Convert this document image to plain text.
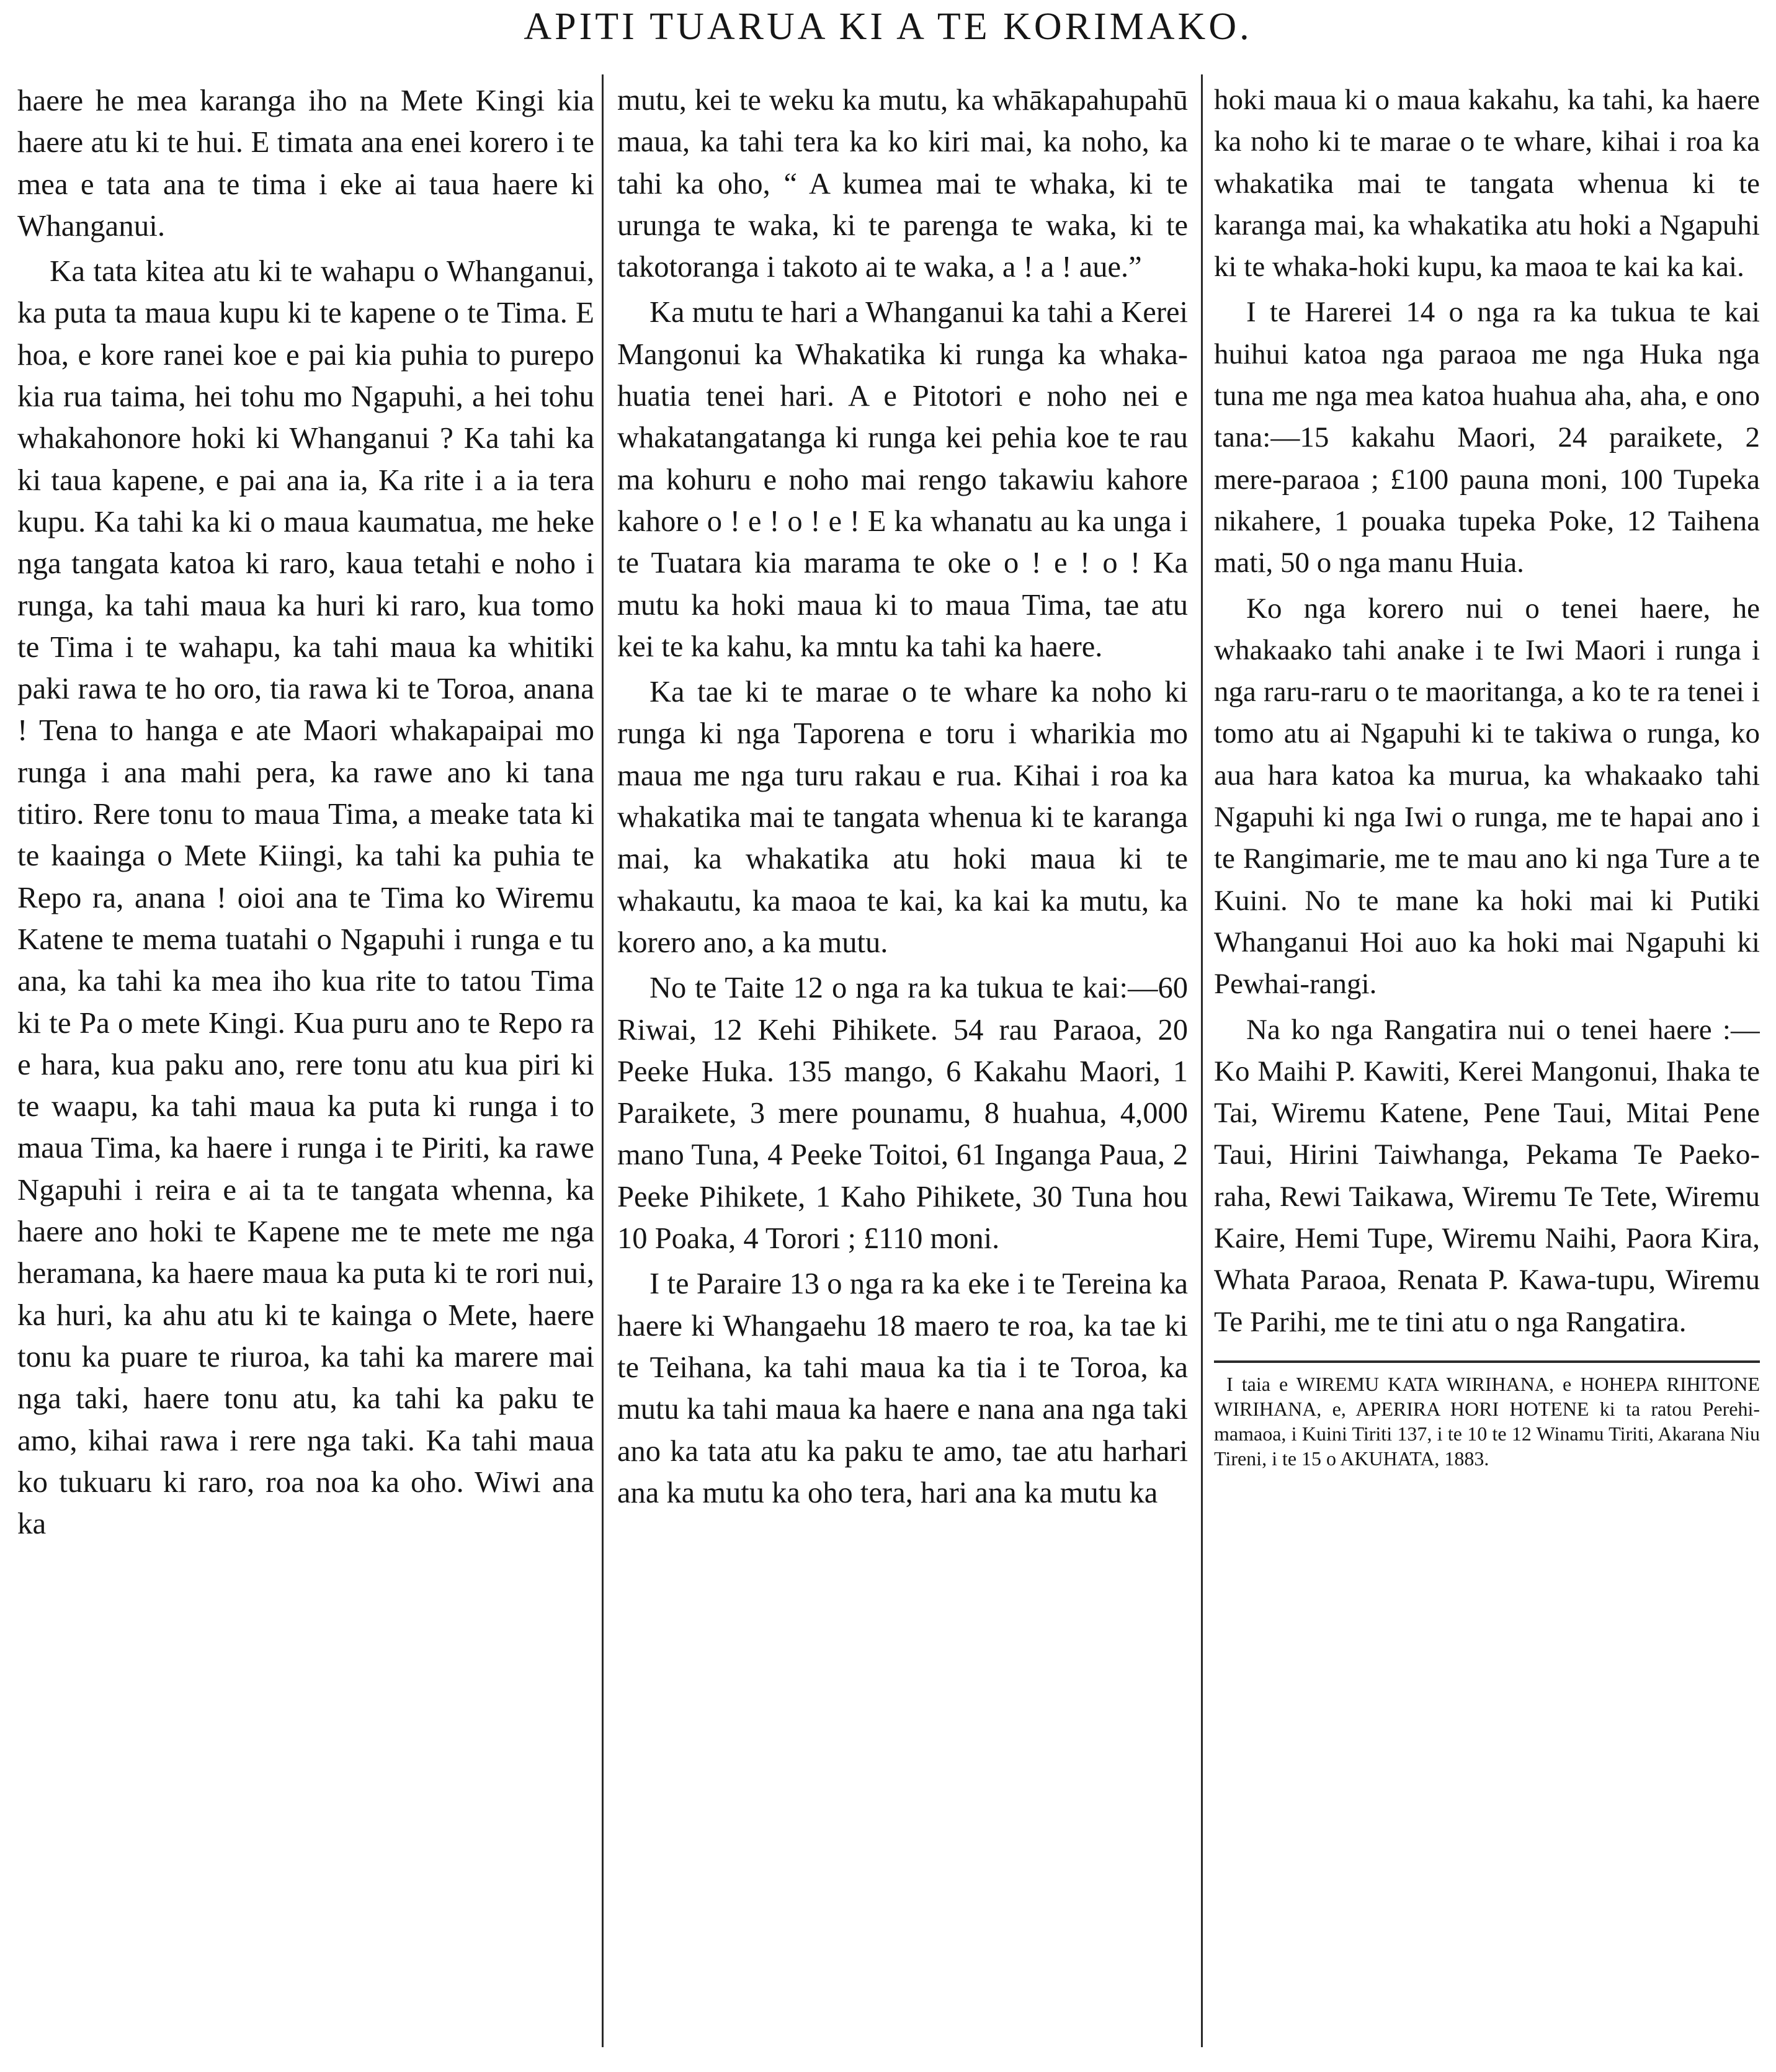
APITI TUARUA KI A TE KORIMAKO.

haere he mea karanga iho na Mete Kingi kia haere atu ki te hui. E timata ana enei korero i te mea e tata ana te tima i eke ai taua haere ki Whanganui.

Ka tata kitea atu ki te wahapu o Whanganui, ka puta ta maua kupu ki te kapene o te Tima. E hoa, e kore ranei koe e pai kia puhia to purepo kia rua taima, hei tohu mo Ngapuhi, a hei tohu whakahonore hoki ki Whanganui ? Ka tahi ka ki taua kapene, e pai ana ia, Ka rite i a ia tera kupu. Ka tahi ka ki o maua kaumatua, me heke nga tangata katoa ki raro, kaua tetahi e noho i runga, ka tahi maua ka huri ki raro, kua tomo te Tima i te wahapu, ka tahi maua ka whitiki paki rawa te ho oro, tia rawa ki te Toroa, anana ! Tena to hanga e ate Maori whakapaipai mo runga i ana mahi pera, ka rawe ano ki tana titiro. Rere tonu to maua Tima, a meake tata ki te kaainga o Mete Kiingi, ka tahi ka puhia te Repo ra, anana ! oioi ana te Tima ko Wiremu Katene te mema tuatahi o Ngapuhi i runga e tu ana, ka tahi ka mea iho kua rite to tatou Tima ki te Pa o mete Kingi. Kua puru ano te Repo ra e hara, kua paku ano, rere tonu atu kua piri ki te waapu, ka tahi maua ka puta ki runga i to maua Tima, ka haere i runga i te Piriti, ka rawe Ngapuhi i reira e ai ta te tangata whenna, ka haere ano hoki te Kapene me te mete me nga heramana, ka haere maua ka puta ki te rori nui, ka huri, ka ahu atu ki te kainga o Mete, haere tonu ka puare te riuroa, ka tahi ka marere mai nga taki, haere tonu atu, ka tahi ka paku te amo, kihai rawa i rere nga taki. Ka tahi maua ko tukuaru ki raro, roa noa ka oho. Wiwi ana ka

mutu, kei te weku ka mutu, ka whākapahupahū maua, ka tahi tera ka ko kiri mai, ka noho, ka tahi ka oho, “ A kumea mai te whaka, ki te urunga te waka, ki te parenga te waka, ki te takotoranga i takoto ai te waka, a ! a ! aue.”

Ka mutu te hari a Whanganui ka tahi a Kerei Mangonui ka Whakatika ki runga ka whaka-huatia tenei hari. A e Pitotori e noho nei e whakatangatanga ki runga kei pehia koe te rau ma kohuru e noho mai rengo takawiu kahore kahore o ! e ! o ! e ! E ka whanatu au ka unga i te Tuatara kia marama te oke o ! e ! o ! Ka mutu ka hoki maua ki to maua Tima, tae atu kei te ka kahu, ka mntu ka tahi ka haere.

Ka tae ki te marae o te whare ka noho ki runga ki nga Taporena e toru i wharikia mo maua me nga turu rakau e rua. Kihai i roa ka whakatika mai te tangata whenua ki te karanga mai, ka whakatika atu hoki maua ki te whakautu, ka maoa te kai, ka kai ka mutu, ka korero ano, a ka mutu.

No te Taite 12 o nga ra ka tukua te kai:—60 Riwai, 12 Kehi Pihikete. 54 rau Paraoa, 20 Peeke Huka. 135 mango, 6 Kakahu Maori, 1 Paraikete, 3 mere pounamu, 8 huahua, 4,000 mano Tuna, 4 Peeke Toitoi, 61 Inganga Paua, 2 Peeke Pihikete, 1 Kaho Pihikete, 30 Tuna hou 10 Poaka, 4 Torori ; £110 moni.

I te Paraire 13 o nga ra ka eke i te Tereina ka haere ki Whangaehu 18 maero te roa, ka tae ki te Teihana, ka tahi maua ka tia i te Toroa, ka mutu ka tahi maua ka haere e nana ana nga taki ano ka tata atu ka paku te amo, tae atu harhari ana ka mutu ka oho tera, hari ana ka mutu ka

hoki maua ki o maua kakahu, ka tahi, ka haere ka noho ki te marae o te whare, kihai i roa ka whakatika mai te tangata whenua ki te karanga mai, ka whakatika atu hoki a Ngapuhi ki te whaka-hoki kupu, ka maoa te kai ka kai.

I te Harerei 14 o nga ra ka tukua te kai huihui katoa nga paraoa me nga Huka nga tuna me nga mea katoa huahua aha, aha, e ono tana:—15 kakahu Maori, 24 paraikete, 2 mere-paraoa ; £100 pauna moni, 100 Tupeka nikahere, 1 pouaka tupeka Poke, 12 Taihena mati, 50 o nga manu Huia.

Ko nga korero nui o tenei haere, he whakaako tahi anake i te Iwi Maori i runga i nga raru-raru o te maoritanga, a ko te ra tenei i tomo atu ai Ngapuhi ki te takiwa o runga, ko aua hara katoa ka murua, ka whakaako tahi Ngapuhi ki nga Iwi o runga, me te hapai ano i te Rangimarie, me te mau ano ki nga Ture a te Kuini. No te mane ka hoki mai ki Putiki Whanganui Hoi auo ka hoki mai Ngapuhi ki Pewhai-rangi.

Na ko nga Rangatira nui o tenei haere :—Ko Maihi P. Kawiti, Kerei Mangonui, Ihaka te Tai, Wiremu Katene, Pene Taui, Mitai Pene Taui, Hirini Taiwhanga, Pekama Te Paeko-raha, Rewi Taikawa, Wiremu Te Tete, Wiremu Kaire, Hemi Tupe, Wiremu Naihi, Paora Kira, Whata Paraoa, Renata P. Kawa-tupu, Wiremu Te Parihi, me te tini atu o nga Rangatira.

I taia e WIREMU KATA WIRIHANA, e HOHEPA RIHITONE WIRIHANA, e, APERIRA HORI HOTENE ki ta ratou Perehi-mamaoa, i Kuini Tiriti 137, i te 10 te 12 Winamu Tiriti, Akarana Niu Tireni, i te 15 o AKUHATA, 1883.
